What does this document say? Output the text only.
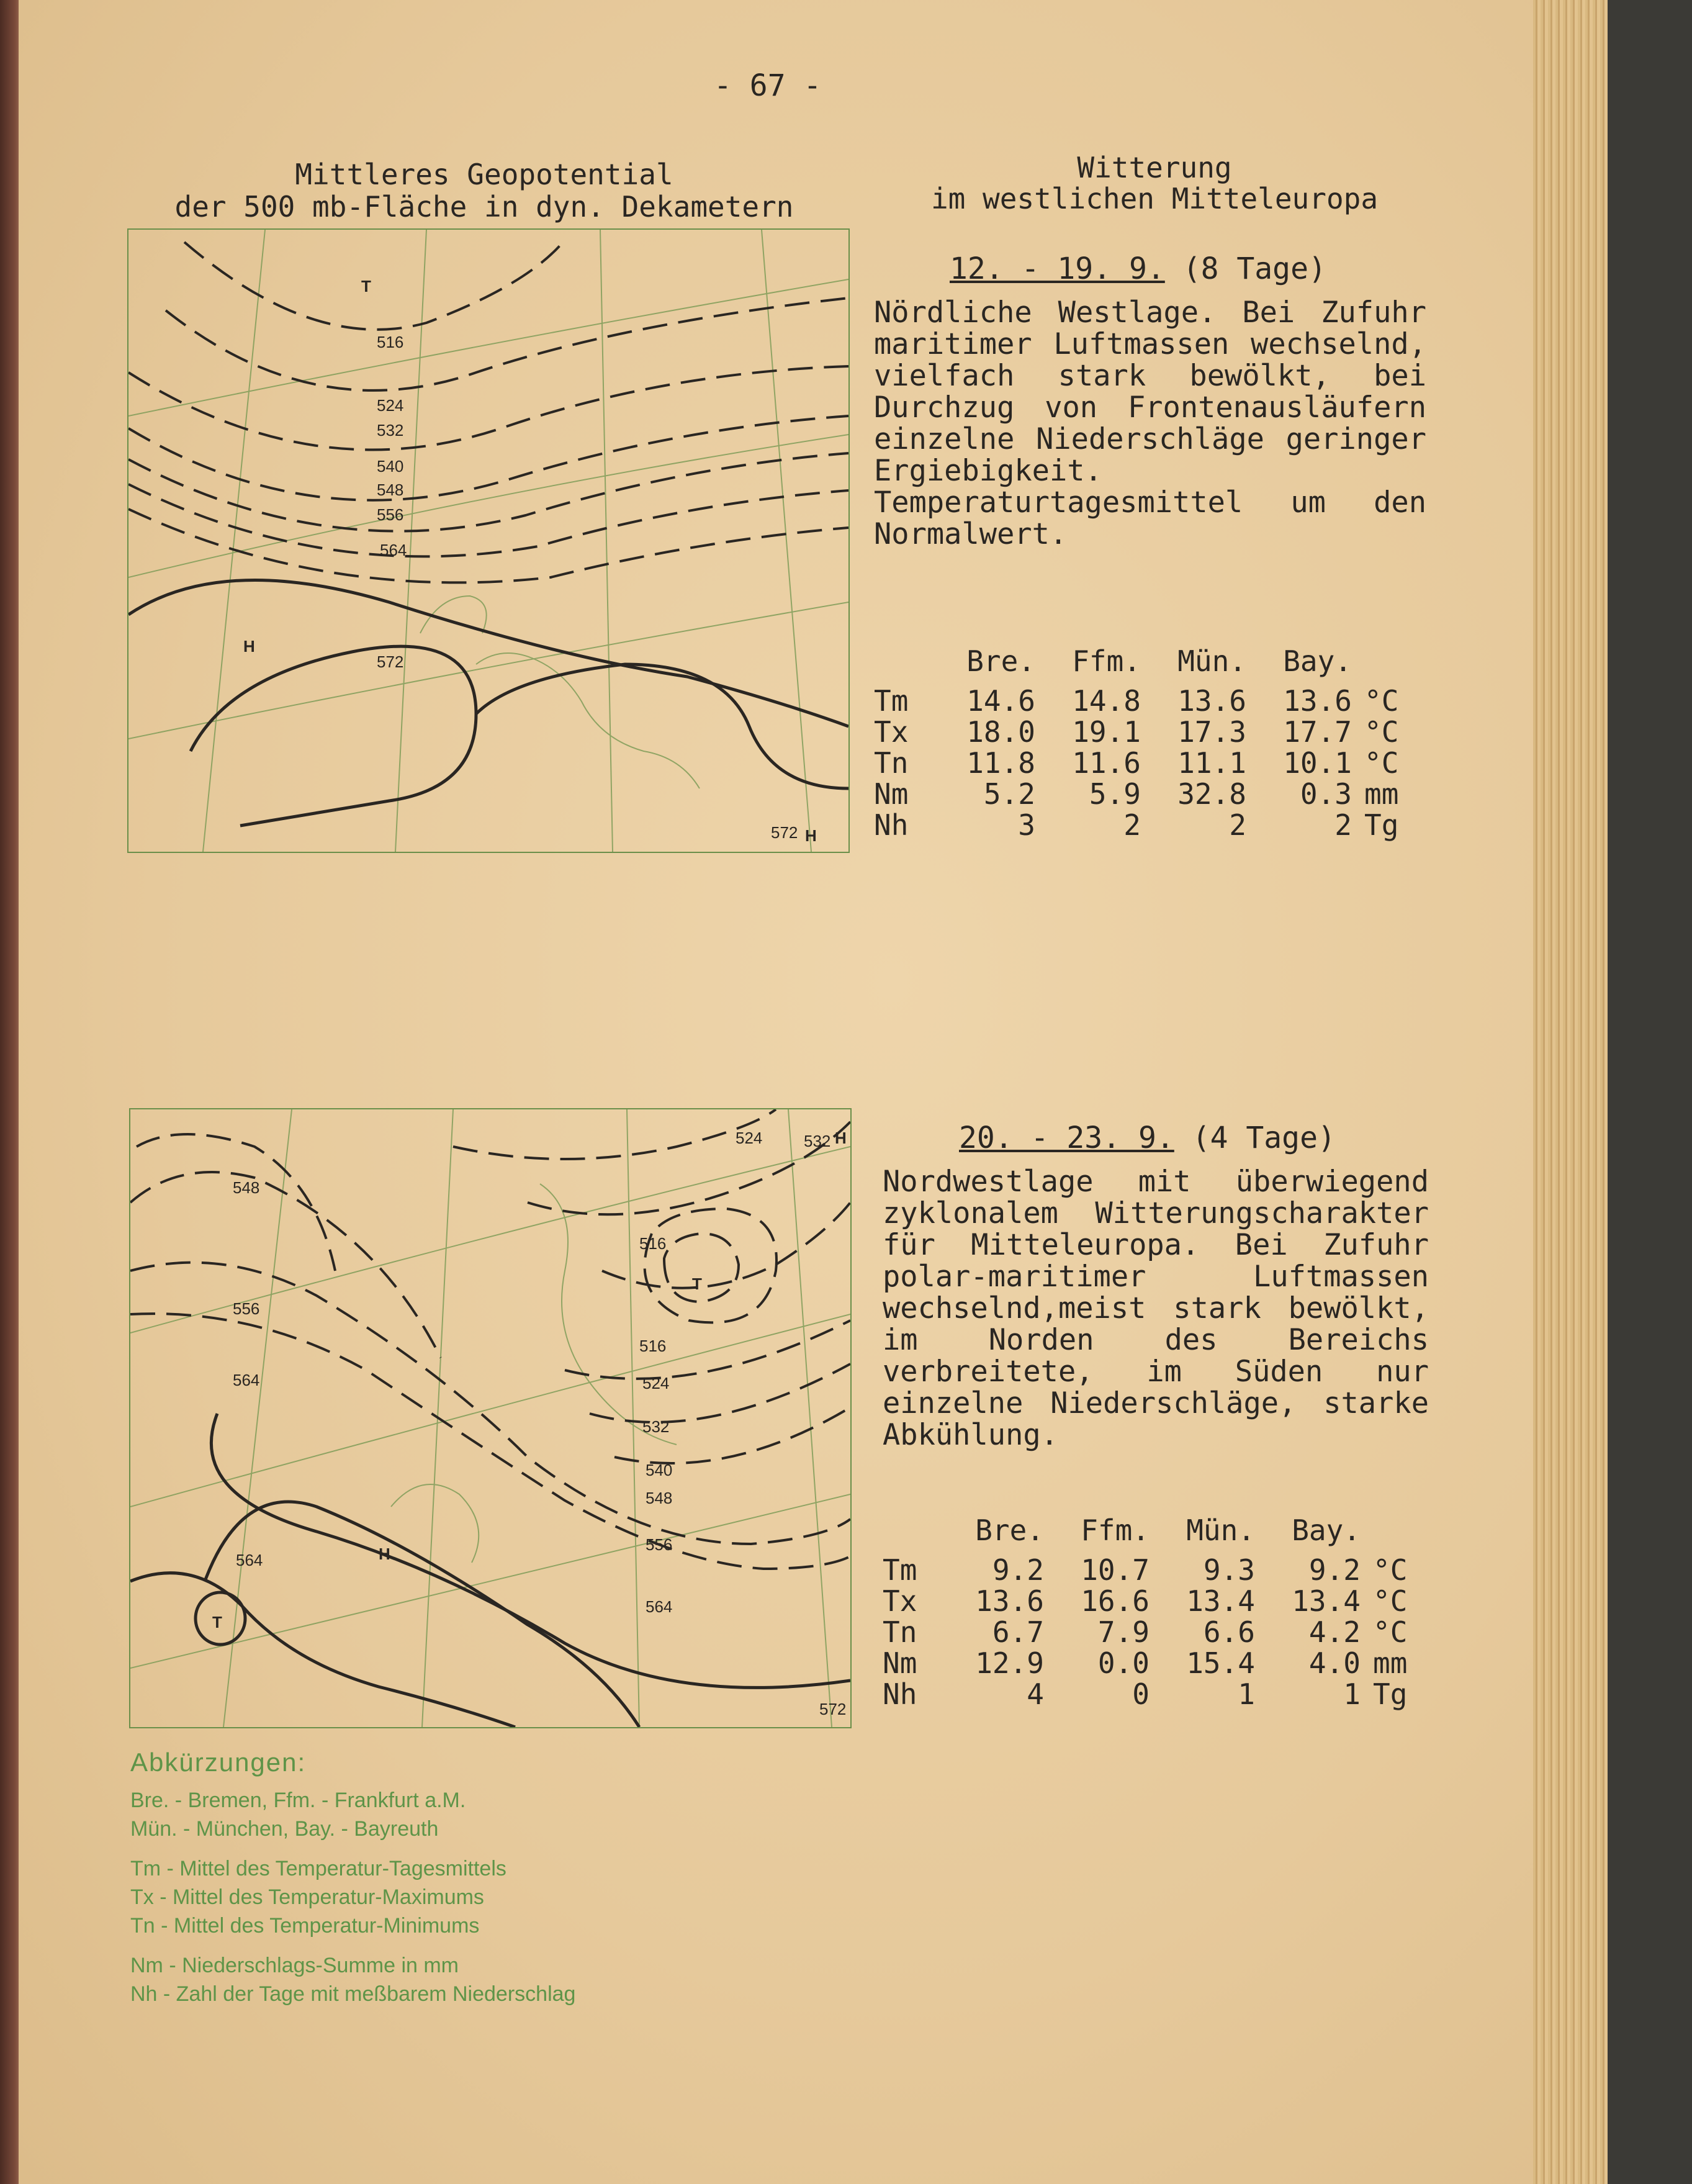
- 67 -
Mittleres Geopotential
der 500 mb-Fläche in dyn. Dekametern
Witterung
im westlichen Mitteleuropa
T
516
524
532
540
548
556
564
H
572
572 H
12. - 19. 9. (8 Tage)
Nördliche Westlage. Bei Zufuhr maritimer Luftmassen wechselnd, vielfach stark bewölkt, bei Durchzug von Frontenausläufern einzelne Niederschläge geringer Ergiebigkeit. Temperaturtagesmittel um den Normalwert.
	Bre.	Ffm.	Mün.	Bay.	
Tm	14.6	14.8	13.6	13.6	°C
Tx	18.0	19.1	17.3	17.7	°C
Tn	11.8	11.6	11.1	10.1	°C
Nm	5.2	5.9	32.8	0.3	mm
Nh	3	2	2	2	Tg
548
556
564
564
T
H
524	532 H
516
T
516
524
532
540
548
556
564
572
20. - 23. 9. (4 Tage)
Nordwestlage mit überwiegend zyklonalem Witterungscharakter für Mitteleuropa. Bei Zufuhr polar-maritimer Luftmassen wechselnd,meist stark bewölkt, im Norden des Bereichs verbreitete, im Süden nur einzelne Niederschläge, starke Abkühlung.
	Bre.	Ffm.	Mün.	Bay.	
Tm	9.2	10.7	9.3	9.2	°C
Tx	13.6	16.6	13.4	13.4	°C
Tn	6.7	7.9	6.6	4.2	°C
Nm	12.9	0.0	15.4	4.0	mm
Nh	4	0	1	1	Tg
Abkürzungen:
Bre. - Bremen, Ffm. - Frankfurt a.M.
Mün. - München, Bay. - Bayreuth
Tm - Mittel des Temperatur-Tagesmittels
Tx - Mittel des Temperatur-Maximums
Tn - Mittel des Temperatur-Minimums
Nm - Niederschlags-Summe in mm
Nh - Zahl der Tage mit meßbarem Niederschlag
